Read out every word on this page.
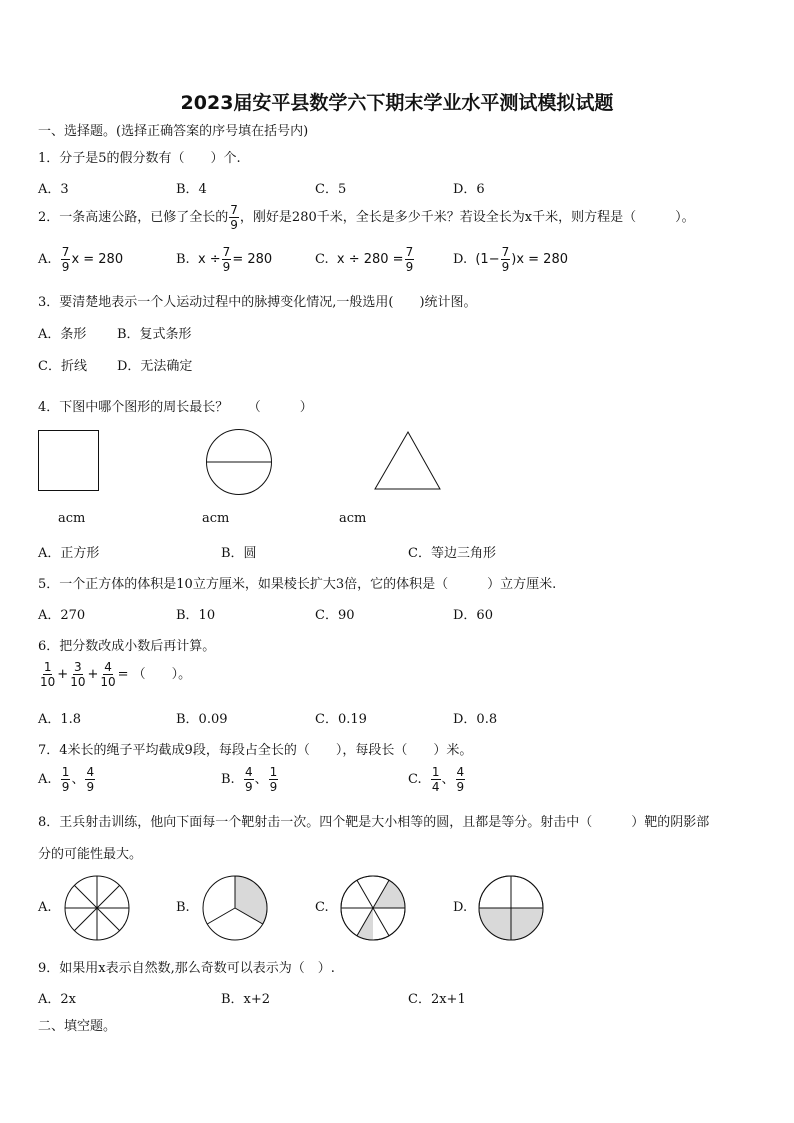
2023届安平县数学六下期末学业水平测试模拟试题
一、选择题。(选择正确答案的序号填在括号内)
1．分子是5的假分数有（　　）个.
A．3	B．4	C．5	D．6
2．一条高速公路，已修了全长的 $\frac{7}{9}$ ，刚好是280千米，全长是多少千米？若设全长为x千米，则方程是（　　　）。
A. $\frac{7}{9}$ x = 280	B. $x \div \frac{7}{9} = 280$	C. $x \div 280 = \frac{7}{9}$	D. $(1- \frac{7}{9} )x = 280$
3．要清楚地表示一个人运动过程中的脉搏变化情况,一般选用(　　)统计图。
A．条形 B．复式条形
C．折线 D．无法确定
4．下图中哪个图形的周长最长？　　（　　　）
acm	acm	acm
A．正方形	B．圆	C．等边三角形
5．一个正方体的体积是10立方厘米，如果棱长扩大3倍，它的体积是（　　　）立方厘米.
A．270	B．10	C．90	D．60
6．把分数改成小数后再计算。
$\frac{1}{10} + \frac{3}{10} + \frac{4}{10}$ = （　　）。
A．1.8	B．0.09	C．0.19	D．0.8
7．4米长的绳子平均截成9段，每段占全长的（　　），每段长（　　）米。
A. $\frac{1}{9}$ 、 $\frac{4}{9}$	B. $\frac{4}{9}$ 、 $\frac{1}{9}$	C. $\frac{1}{4}$ 、 $\frac{4}{9}$
8．王兵射击训练，他向下面每一个靶射击一次。四个靶是大小相等的圆，且都是等分。射击中（　　　）靶的阴影部
分的可能性最大。
A.	B.	C.	D.
9．如果用x表示自然数,那么奇数可以表示为（　）.
A．2x	B．x+2	C．2x+1
二、填空题。
